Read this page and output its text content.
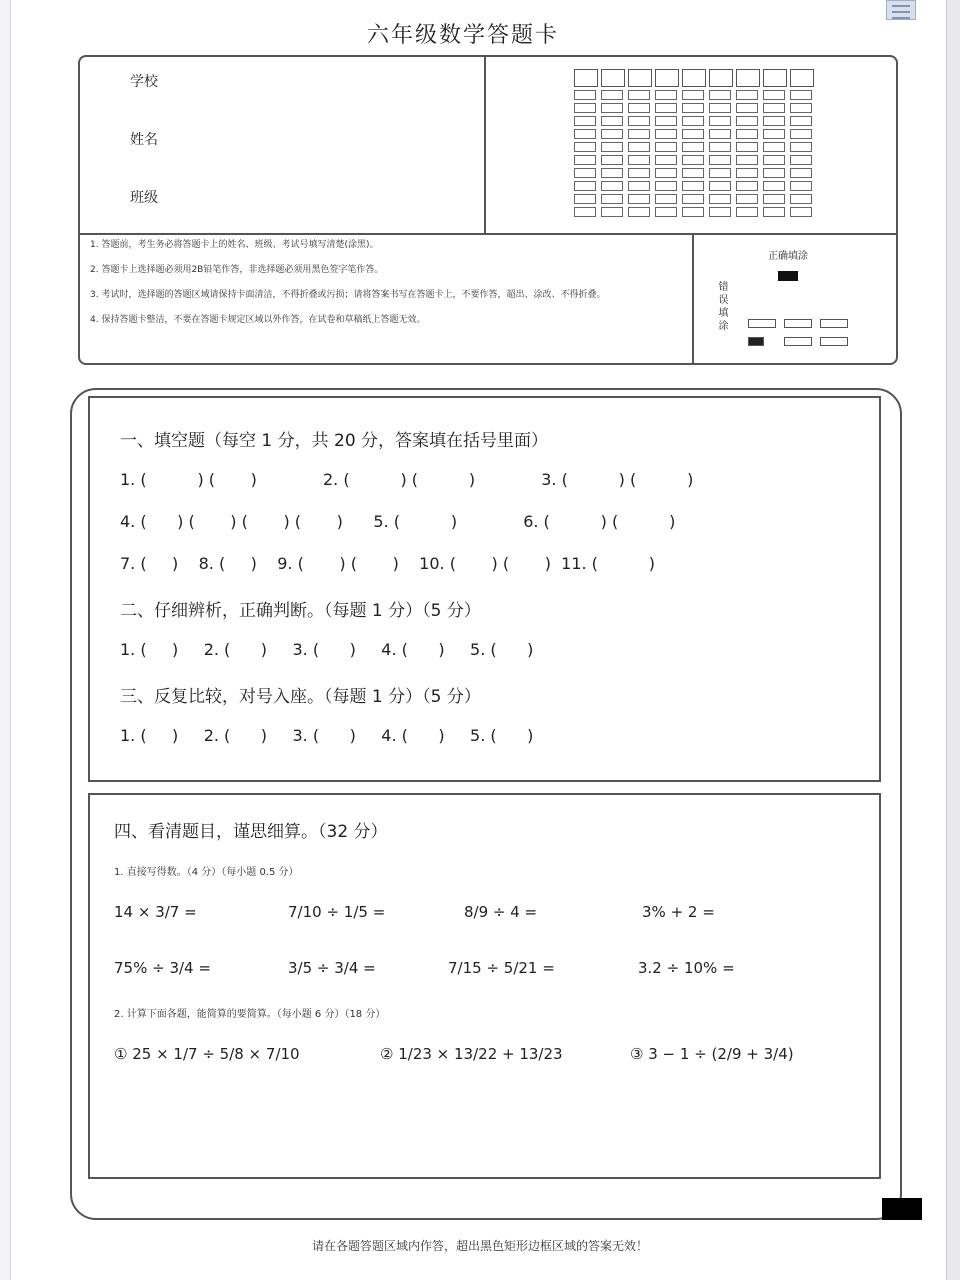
六年级数学答题卡
学校
姓名
班级

1. 答题前，考生务必将答题卡上的姓名、班级、考试号填写清楚(涂黑)。

2. 答题卡上选择题必须用2B铅笔作答，非选择题必须用黑色签字笔作答。

3. 考试时，选择题的答题区域请保持卡面清洁，不得折叠或污损；请将答案书写在答题卡上，不要作答，超出、涂改、不得折叠。

4. 保持答题卡整洁，不要在答题卡规定区域以外作答，在试卷和草稿纸上答题无效。

正确填涂
错误填涂
一、填空题（每空 1 分，共 20 分，答案填在括号里面）
1. (          ) (       )             2. (          ) (          )             3. (          ) (          )
4. (      ) (       ) (       ) (       )      5. (          )             6. (          ) (          )
7. (     )    8. (     )    9. (       ) (       )    10. (       ) (       )  11. (          )
二、仔细辨析，正确判断。（每题 1 分）（5 分）
1. (     )     2. (      )     3. (      )     4. (      )     5. (      )
三、反复比较，对号入座。（每题 1 分）（5 分）
1. (     )     2. (      )     3. (      )     4. (      )     5. (      )
四、看清题目，谨思细算。（32 分）
1. 直接写得数。（4 分）（每小题 0.5 分）
14 × 3/7 =	7/10 ÷ 1/5 =	8/9 ÷ 4 =	3% + 2 =
75% ÷ 3/4 =	3/5 ÷ 3/4 =	7/15 ÷ 5/21 =	3.2 ÷ 10% =
2. 计算下面各题，能简算的要简算。（每小题 6 分）（18 分）
① 25 × 1/7 ÷ 5/8 × 7/10	② 1/23 × 13/22 + 13/23	③ 3 − 1 ÷ (2/9 + 3/4)
请在各题答题区域内作答，超出黑色矩形边框区域的答案无效！
